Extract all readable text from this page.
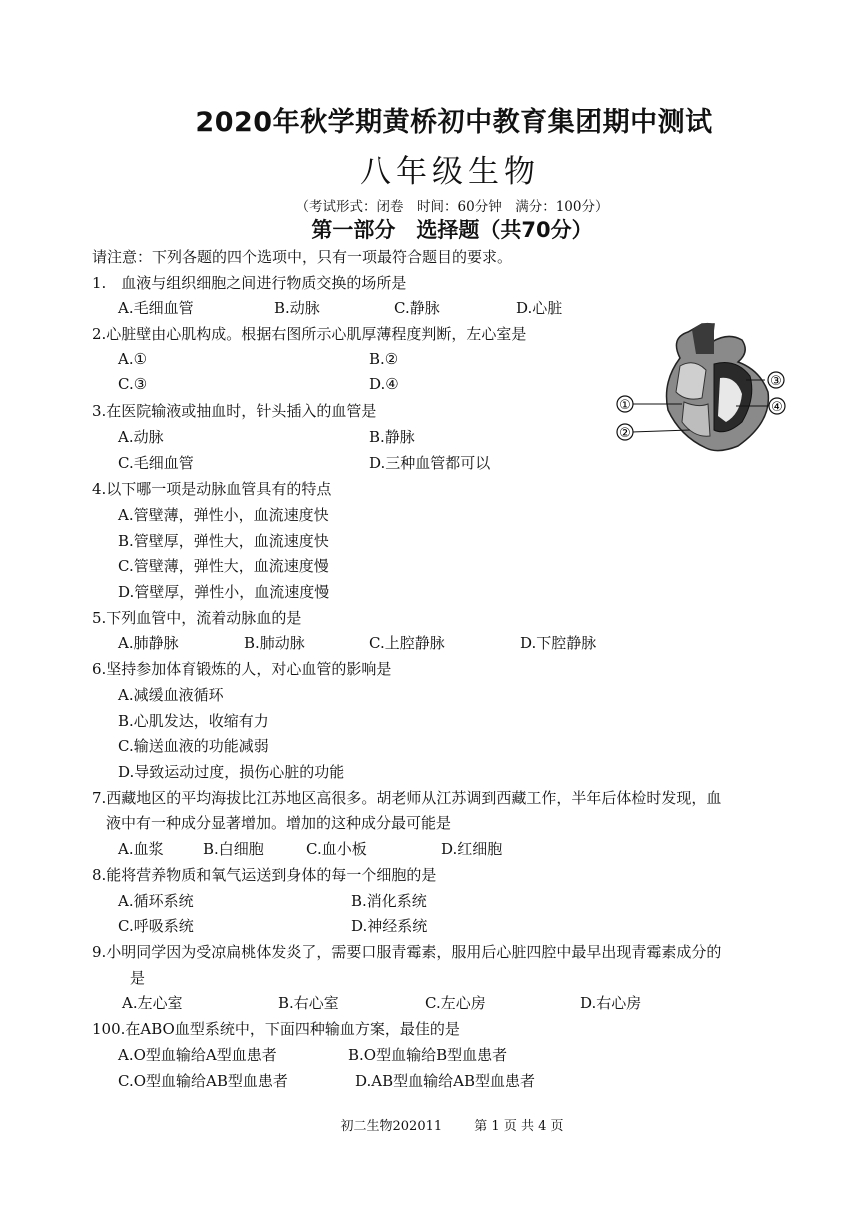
2020年秋学期黄桥初中教育集团期中测试
八年级生物
（考试形式：闭卷　时间：60分钟　满分：100分）
第一部分　选择题（共70分）
请注意：下列各题的四个选项中，只有一项最符合题目的要求。
1.　血液与组织细胞之间进行物质交换的场所是
A.毛细血管	B.动脉	C.静脉	D.心脏
2.心脏壁由心肌构成。根据右图所示心肌厚薄程度判断，左心室是
A.①	B.②
C.③	D.④
①
②
③
④
3.在医院输液或抽血时，针头插入的血管是
A.动脉	B.静脉
C.毛细血管	D.三种血管都可以
4.以下哪一项是动脉血管具有的特点
A.管壁薄，弹性小，血流速度快
B.管壁厚，弹性大，血流速度快
C.管壁薄，弹性大，血流速度慢
D.管壁厚，弹性小，血流速度慢
5.下列血管中，流着动脉血的是
A.肺静脉	B.肺动脉	C.上腔静脉	D.下腔静脉
6.坚持参加体育锻炼的人，对心血管的影响是
A.减缓血液循环
B.心肌发达，收缩有力
C.输送血液的功能减弱
D.导致运动过度，损伤心脏的功能
7.西藏地区的平均海拔比江苏地区高很多。胡老师从江苏调到西藏工作，半年后体检时发现，血
液中有一种成分显著增加。增加的这种成分最可能是
A.血浆	B.白细胞	C.血小板	D.红细胞
8.能将营养物质和氧气运送到身体的每一个细胞的是
A.循环系统	B.消化系统
C.呼吸系统	D.神经系统
9.小明同学因为受凉扁桃体发炎了，需要口服青霉素，服用后心脏四腔中最早出现青霉素成分的
是
A.左心室	B.右心室	C.左心房	D.右心房
100.在ABO血型系统中，下面四种输血方案，最佳的是
A.O型血输给A型血患者	B.O型血输给B型血患者
C.O型血输给AB型血患者	D.AB型血输给AB型血患者
初二生物202011 第 1 页 共 4 页
